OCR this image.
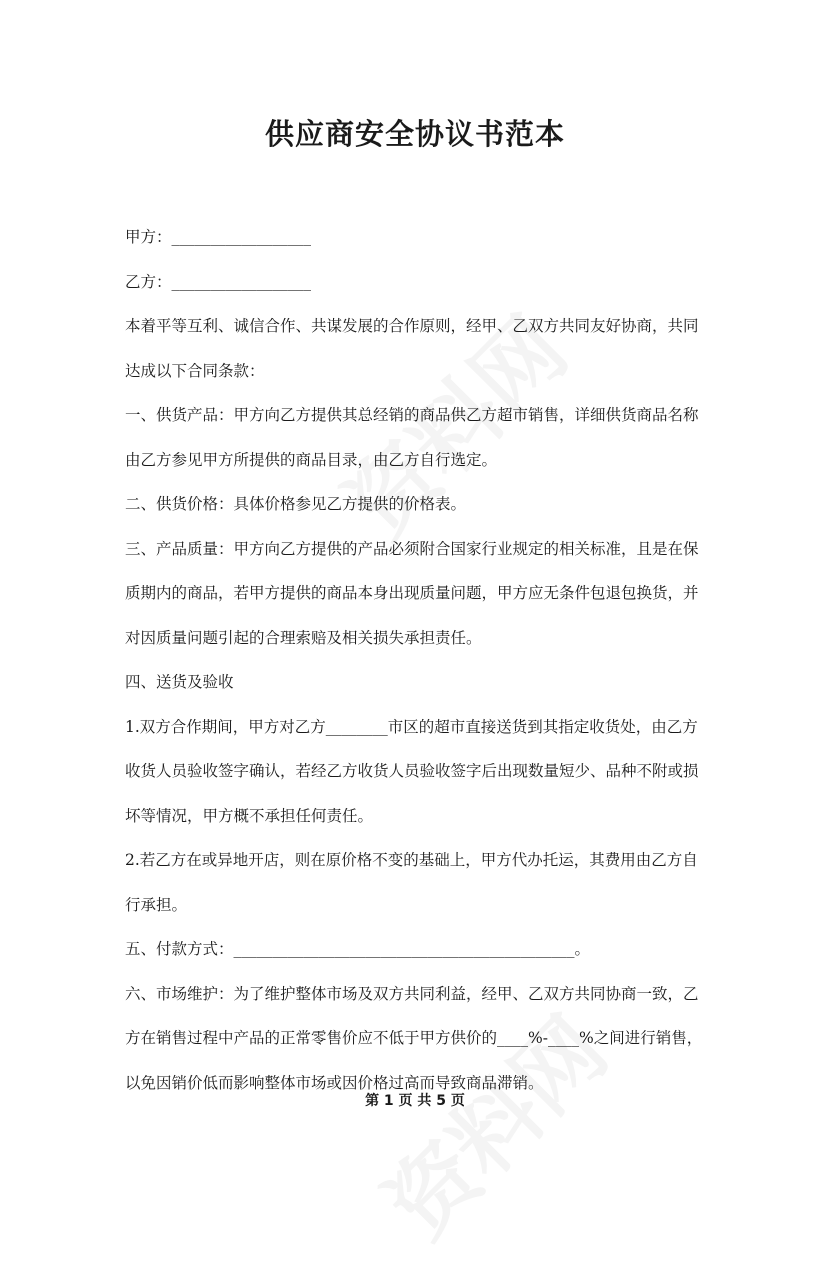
供应商安全协议书范本

甲方：__________________

乙方：__________________

本着平等互利、诚信合作、共谋发展的合作原则，经甲、乙双方共同友好协商，共同达成以下合同条款：

一、供货产品：甲方向乙方提供其总经销的商品供乙方超市销售，详细供货商品名称由乙方参见甲方所提供的商品目录，由乙方自行选定。

二、供货价格：具体价格参见乙方提供的价格表。

三、产品质量：甲方向乙方提供的产品必须附合国家行业规定的相关标准，且是在保质期内的商品，若甲方提供的商品本身出现质量问题，甲方应无条件包退包换货，并对因质量问题引起的合理索赔及相关损失承担责任。

四、送货及验收

1.双方合作期间，甲方对乙方________市区的超市直接送货到其指定收货处，由乙方收货人员验收签字确认，若经乙方收货人员验收签字后出现数量短少、品种不附或损坏等情况，甲方概不承担任何责任。

2.若乙方在或异地开店，则在原价格不变的基础上，甲方代办托运，其费用由乙方自行承担。

五、付款方式：____________________________________________。

六、市场维护：为了维护整体市场及双方共同利益，经甲、乙双方共同协商一致，乙方在销售过程中产品的正常零售价应不低于甲方供价的____%-____%之间进行销售，以免因销价低而影响整体市场或因价格过高而导致商品滞销。

第 1 页 共 5 页
